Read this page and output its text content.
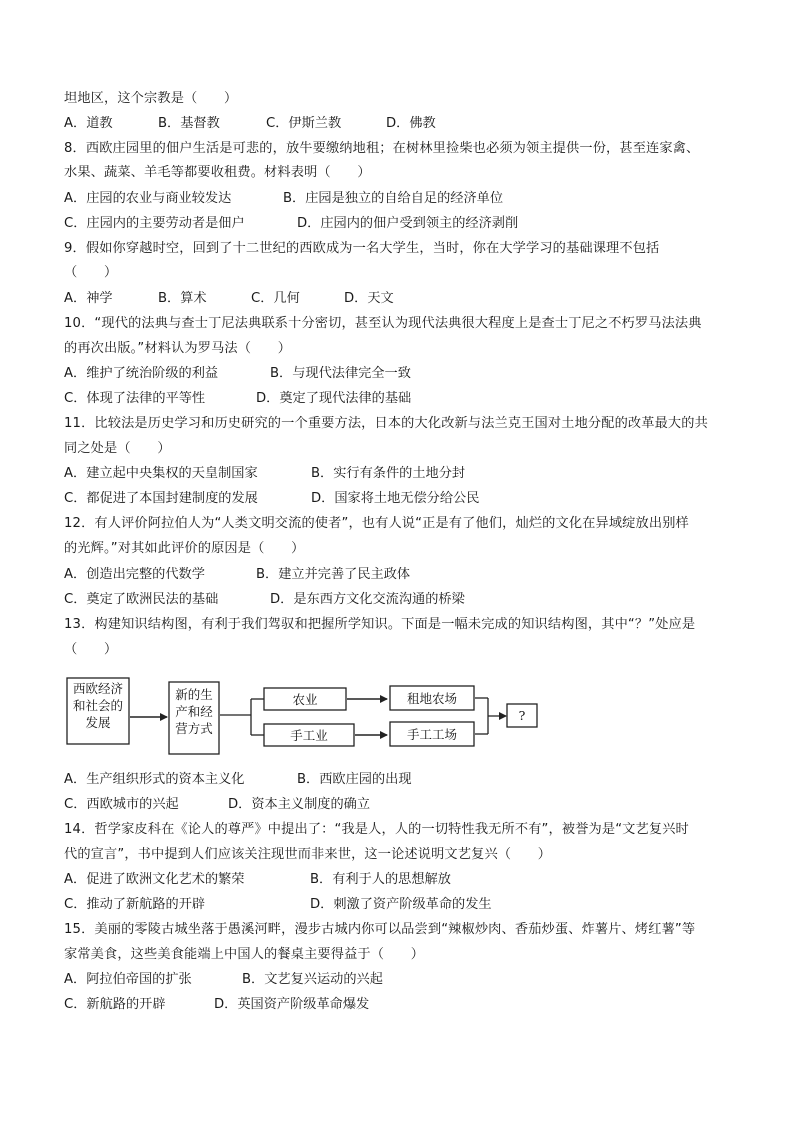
坦地区，这个宗教是（　　）
A．道教	B．基督教	C．伊斯兰教	D．佛教
8．西欧庄园里的佃户生活是可悲的，放牛要缴纳地租；在树林里捡柴也必须为领主提供一份，甚至连家禽、
水果、蔬菜、羊毛等都要收租费。材料表明（　　）
A．庄园的农业与商业较发达	B．庄园是独立的自给自足的经济单位
C．庄园内的主要劳动者是佃户	D．庄园内的佃户受到领主的经济剥削
9．假如你穿越时空，回到了十二世纪的西欧成为一名大学生，当时，你在大学学习的基础课理不包括
（　　）
A．神学	B．算术	C．几何	D．天文
10．“现代的法典与查士丁尼法典联系十分密切，甚至认为现代法典很大程度上是查士丁尼之不朽罗马法法典
的再次出版。”材料认为罗马法（　　）
A．维护了统治阶级的利益	B．与现代法律完全一致
C．体现了法律的平等性	D．奠定了现代法律的基础
11．比较法是历史学习和历史研究的一个重要方法，日本的大化改新与法兰克王国对土地分配的改革最大的共
同之处是（　　）
A．建立起中央集权的天皇制国家	B．实行有条件的土地分封
C．都促进了本国封建制度的发展	D．国家将土地无偿分给公民
12．有人评价阿拉伯人为“人类文明交流的使者”，也有人说“正是有了他们，灿烂的文化在异域绽放出别样
的光辉。”对其如此评价的原因是（　　）
A．创造出完整的代数学	B．建立并完善了民主政体
C．奠定了欧洲民法的基础	D．是东西方文化交流沟通的桥梁
13．构建知识结构图，有利于我们驾驭和把握所学知识。下面是一幅未完成的知识结构图，其中“？”处应是
（　　）
西欧经济
和社会的
发展
新的生
产和经
营方式
农业
手工业
租地农场
手工工场
?
A．生产组织形式的资本主义化	B．西欧庄园的出现
C．西欧城市的兴起	D．资本主义制度的确立
14．哲学家皮科在《论人的尊严》中提出了：“我是人，人的一切特性我无所不有”，被誉为是“文艺复兴时
代的宣言”，书中提到人们应该关注现世而非来世，这一论述说明文艺复兴（　　）
A．促进了欧洲文化艺术的繁荣	B．有利于人的思想解放
C．推动了新航路的开辟	D．刺激了资产阶级革命的发生
15．美丽的零陵古城坐落于愚溪河畔，漫步古城内你可以品尝到“辣椒炒肉、香茄炒蛋、炸薯片、烤红薯”等
家常美食，这些美食能端上中国人的餐桌主要得益于（　　）
A．阿拉伯帝国的扩张	B．文艺复兴运动的兴起
C．新航路的开辟	D．英国资产阶级革命爆发
